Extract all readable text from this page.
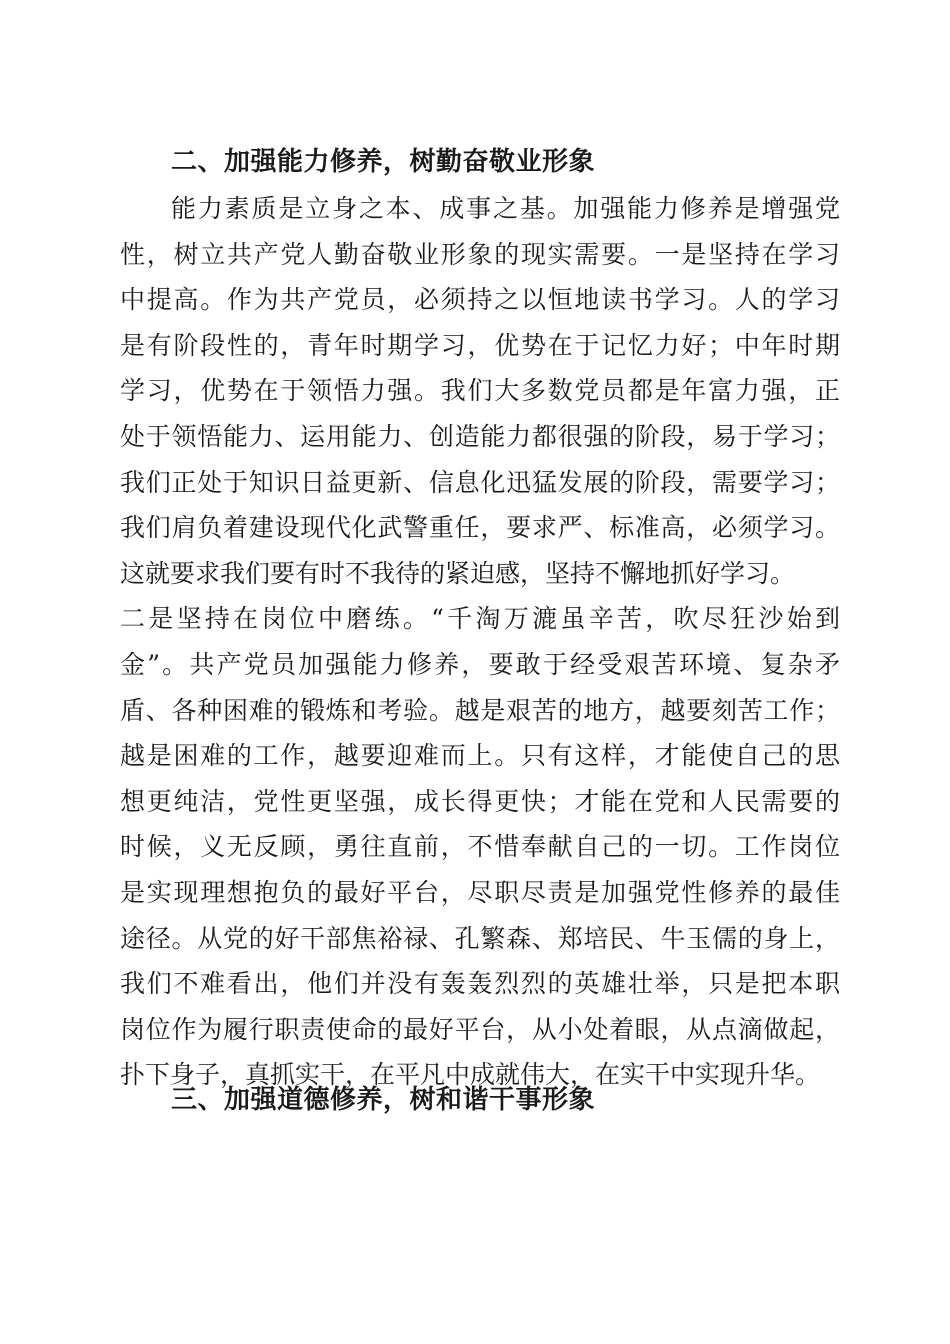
二、加强能力修养，树勤奋敬业形象
能力素质是立身之本、成事之基。加强能力修养是增强党
性，树立共产党人勤奋敬业形象的现实需要。一是坚持在学习
中提高。作为共产党员，必须持之以恒地读书学习。人的学习
是有阶段性的，青年时期学习，优势在于记忆力好；中年时期
学习，优势在于领悟力强。我们大多数党员都是年富力强，正
处于领悟能力、运用能力、创造能力都很强的阶段，易于学习；
我们正处于知识日益更新、信息化迅猛发展的阶段，需要学习；
我们肩负着建设现代化武警重任，要求严、标准高，必须学习。
这就要求我们要有时不我待的紧迫感，坚持不懈地抓好学习。
二是坚持在岗位中磨练。“千淘万漉虽辛苦，吹尽狂沙始到
金”。共产党员加强能力修养，要敢于经受艰苦环境、复杂矛
盾、各种困难的锻炼和考验。越是艰苦的地方，越要刻苦工作；
越是困难的工作，越要迎难而上。只有这样，才能使自己的思
想更纯洁，党性更坚强，成长得更快；才能在党和人民需要的
时候，义无反顾，勇往直前，不惜奉献自己的一切。工作岗位
是实现理想抱负的最好平台，尽职尽责是加强党性修养的最佳
途径。从党的好干部焦裕禄、孔繁森、郑培民、牛玉儒的身上，
我们不难看出，他们并没有轰轰烈烈的英雄壮举，只是把本职
岗位作为履行职责使命的最好平台，从小处着眼，从点滴做起，
扑下身子，真抓实干，在平凡中成就伟大，在实干中实现升华。
三、加强道德修养，树和谐干事形象
